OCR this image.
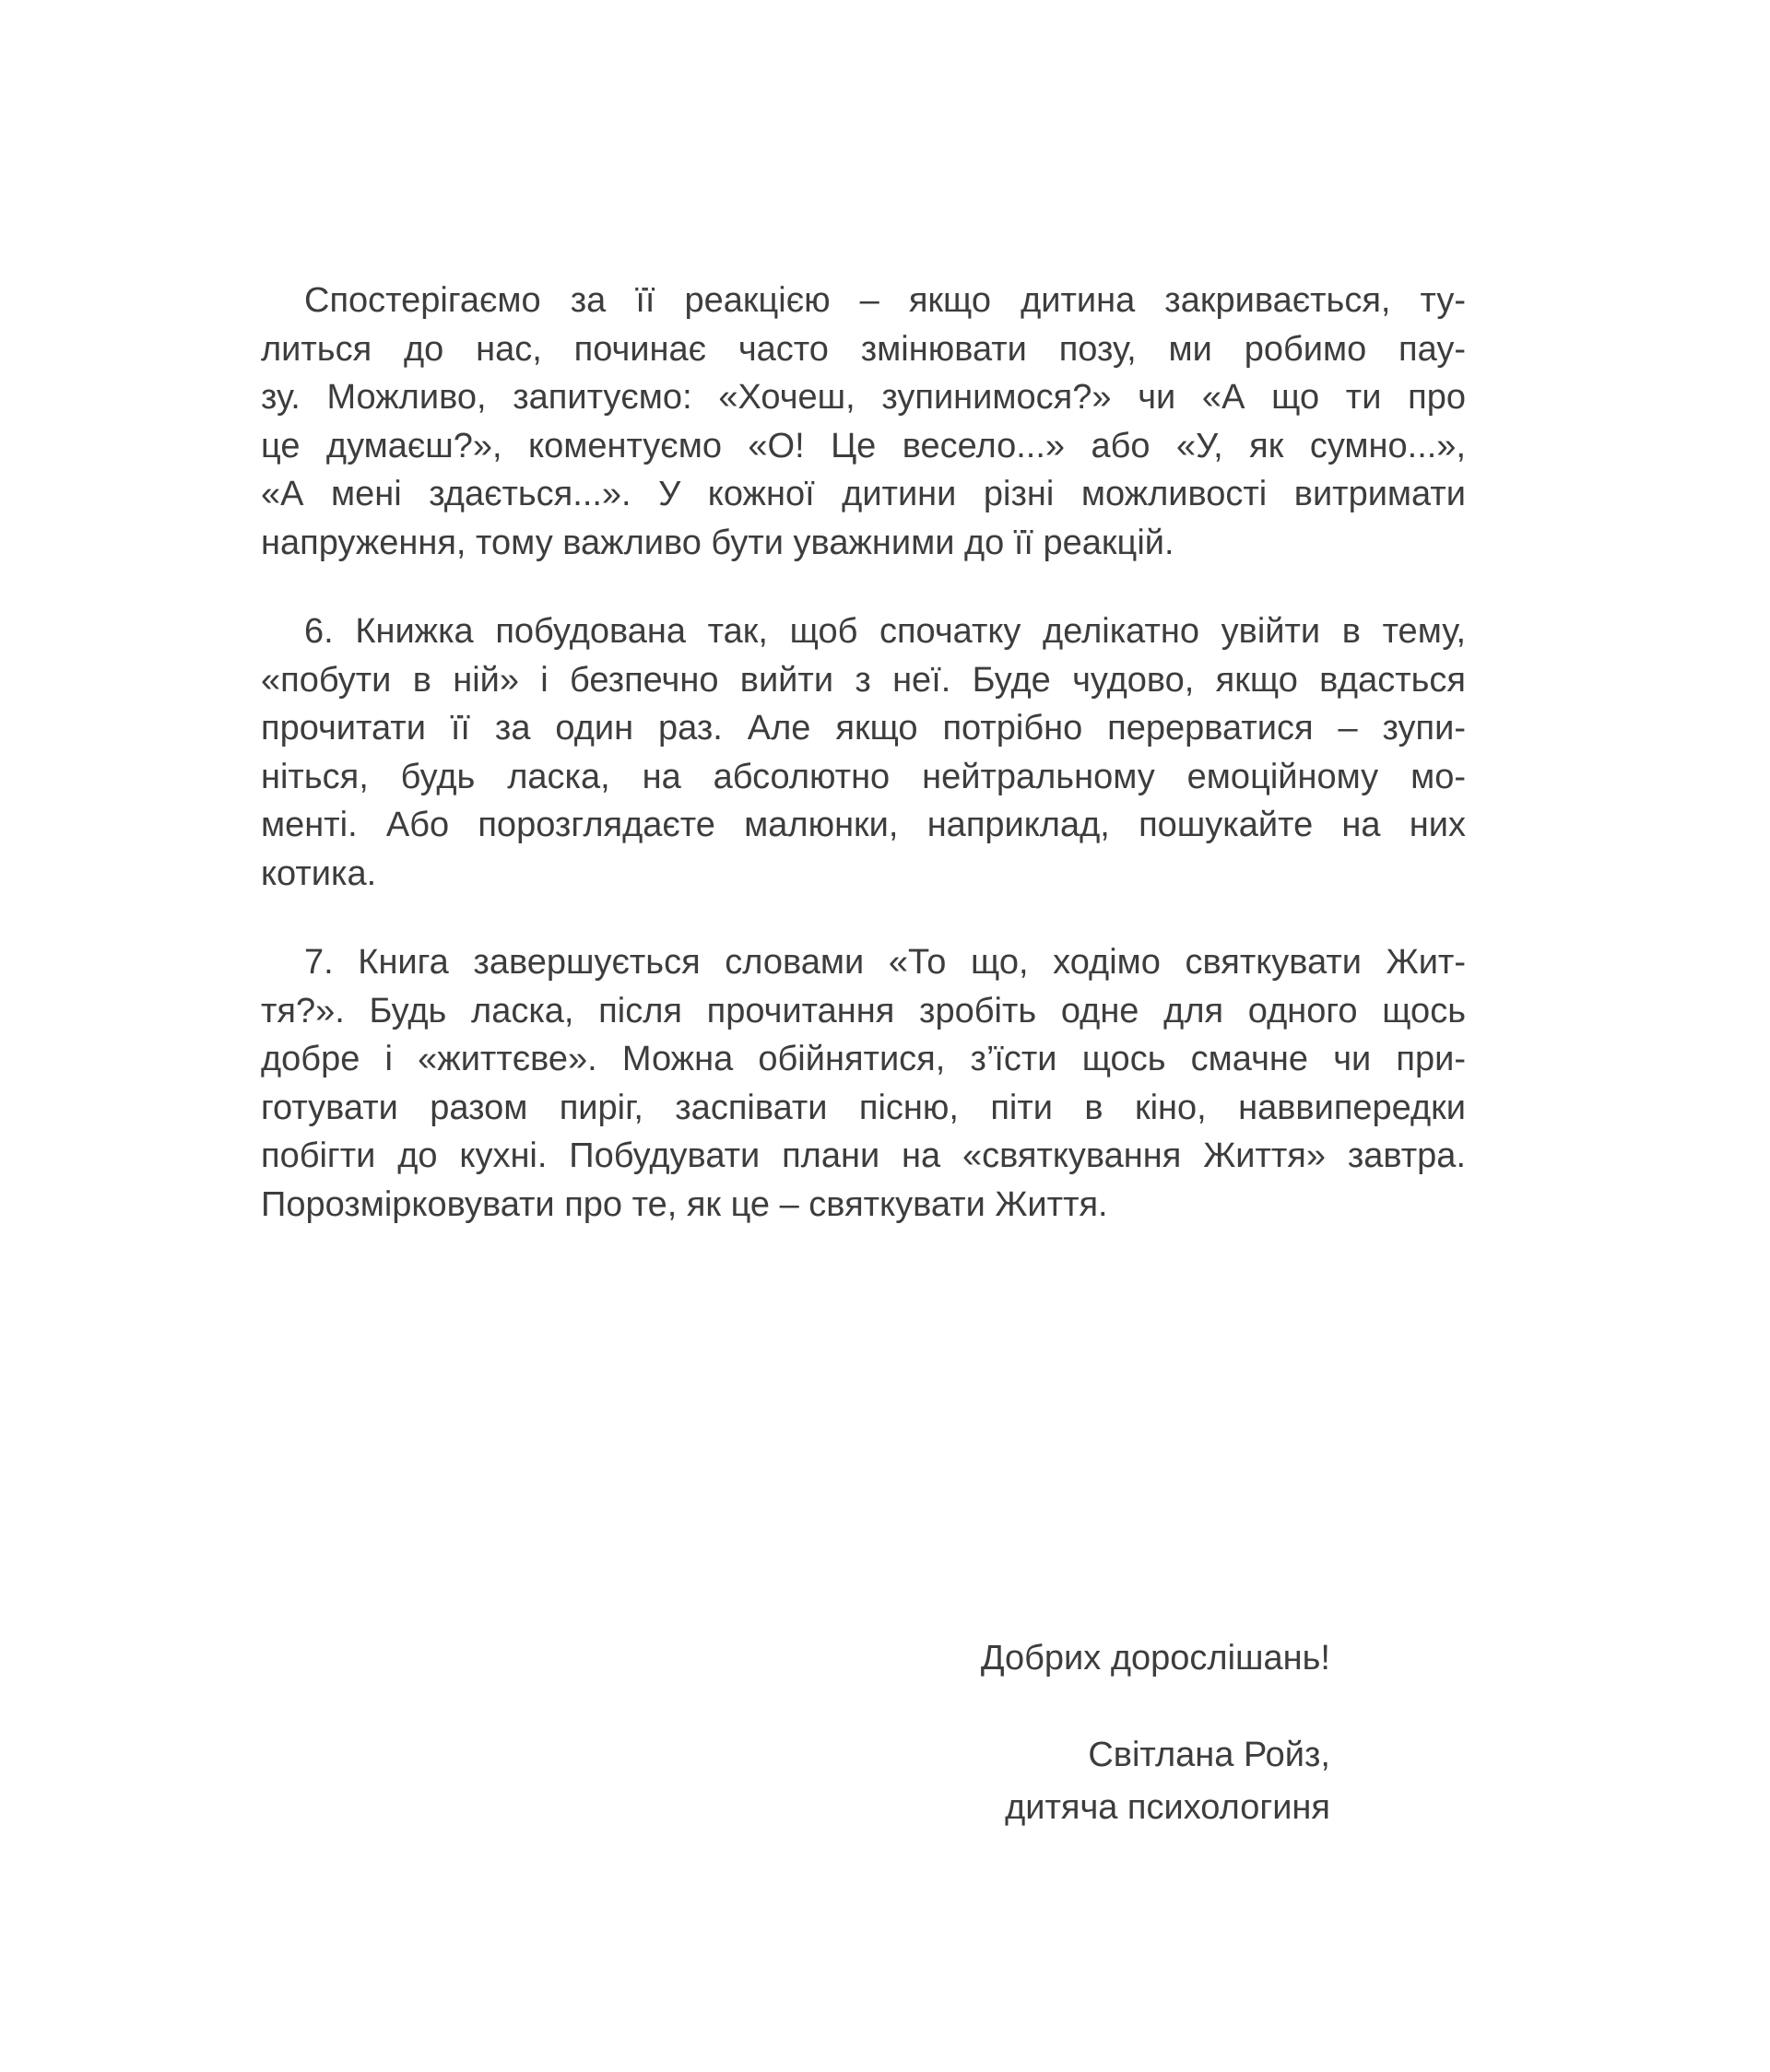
Спостерігаємо за її реакцією – якщо дитина закривається, ту-
литься до нас, починає часто змінювати позу, ми робимо пау-
зу. Можливо, запитуємо: «Хочеш, зупинимося?» чи «А що ти про
це думаєш?», коментуємо «О! Це весело...» або «У, як сумно...»,
«А мені здається...». У кожної дитини різні можливості витримати
напруження, тому важливо бути уважними до її реакцій.
6. Книжка побудована так, щоб спочатку делікатно увійти в тему,
«побути в ній» і безпечно вийти з неї. Буде чудово, якщо вдасться
прочитати її за один раз. Але якщо потрібно перерватися – зупи-
ніться, будь ласка, на абсолютно нейтральному емоційному мо-
менті. Або порозглядаєте малюнки, наприклад, пошукайте на них
котика.
7. Книга завершується словами «То що, ходімо святкувати Жит-
тя?». Будь ласка, після прочитання зробіть одне для одного щось
добре і «життєве». Можна обійнятися, з’їсти щось смачне чи при-
готувати разом пиріг, заспівати пісню, піти в кіно, наввипередки
побігти до кухні. Побудувати плани на «святкування Життя» завтра.
Порозмірковувати про те, як це – святкувати Життя.
Добрих дорослішань!
Світлана Ройз,
дитяча психологиня
